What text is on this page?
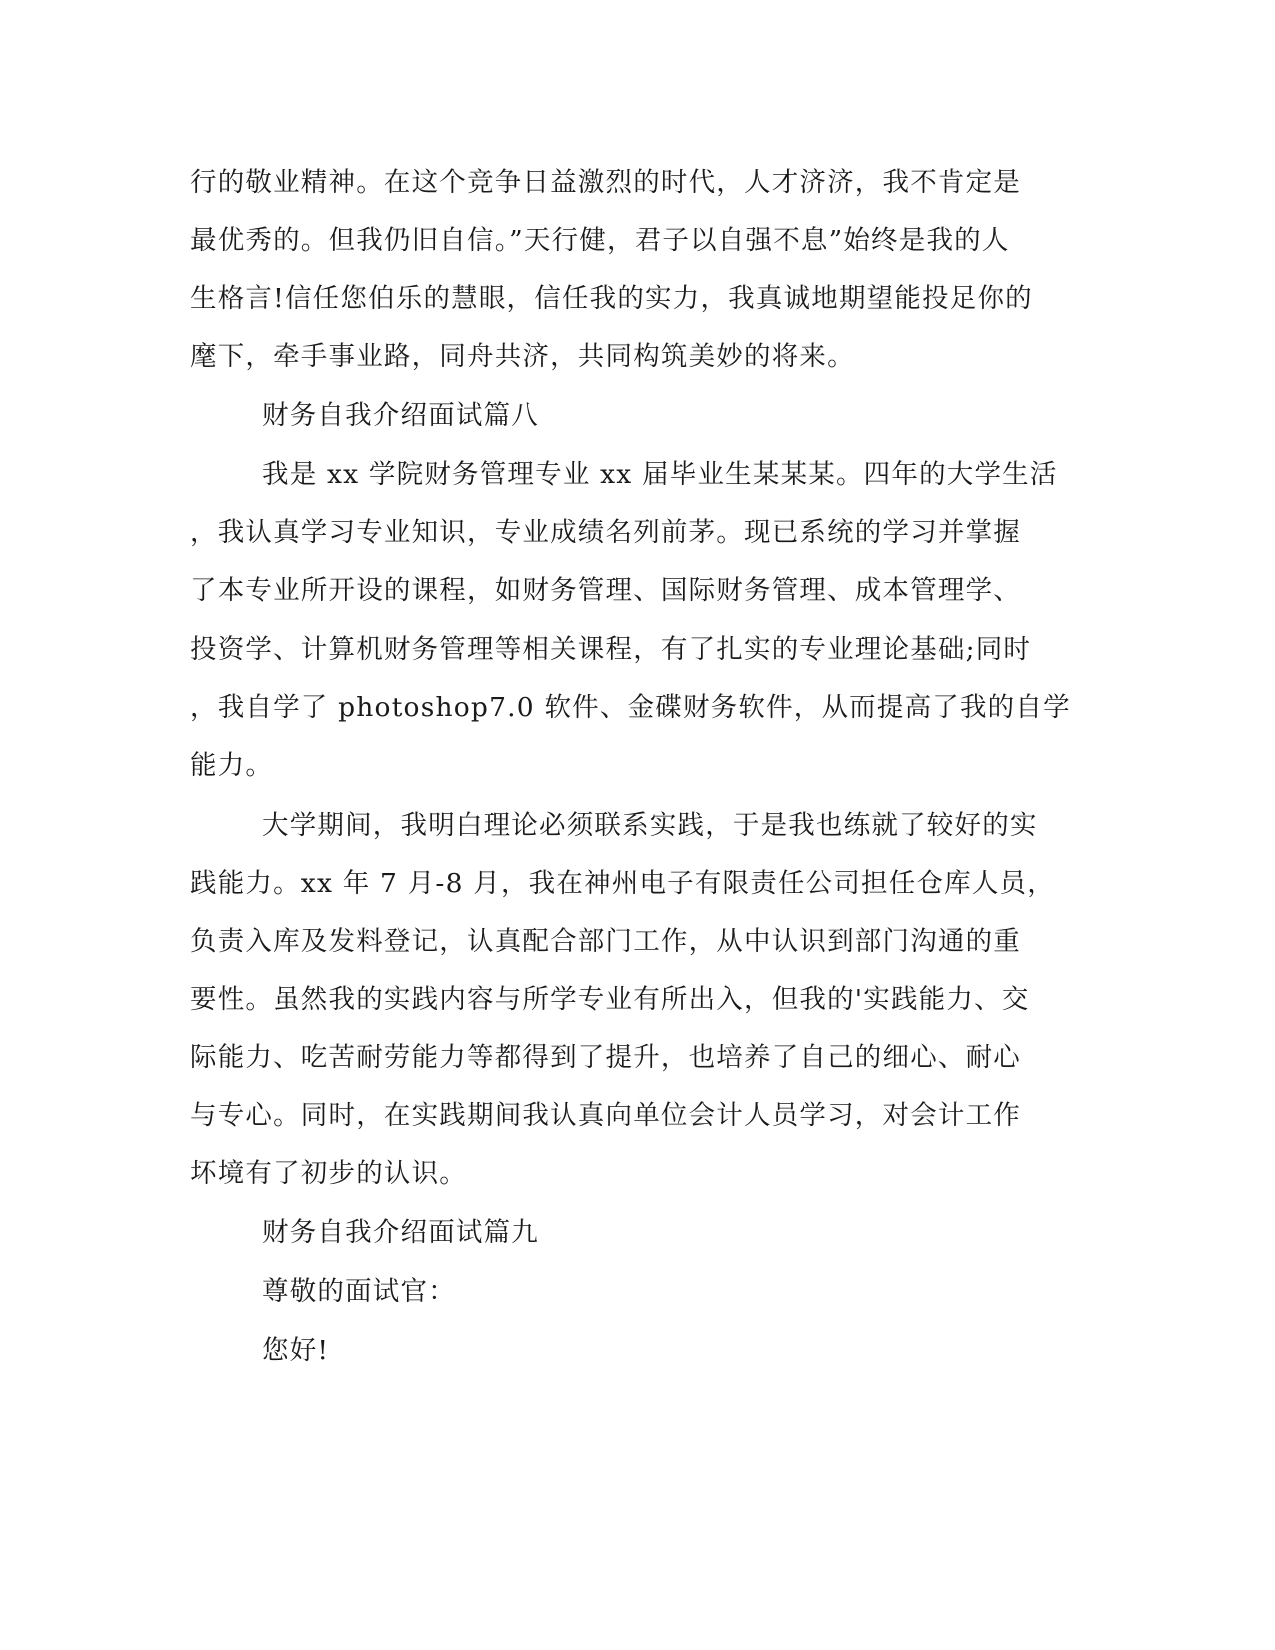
行的敬业精神。在这个竞争日益激烈的时代，人才济济，我不肯定是
最优秀的。但我仍旧自信。”天行健，君子以自强不息”始终是我的人
生格言!信任您伯乐的慧眼，信任我的实力，我真诚地期望能投足你的
麾下，牵手事业路，同舟共济，共同构筑美妙的将来。
财务自我介绍面试篇八
我是 xx 学院财务管理专业 xx 届毕业生某某某。四年的大学生活
，我认真学习专业知识，专业成绩名列前茅。现已系统的学习并掌握
了本专业所开设的课程，如财务管理、国际财务管理、成本管理学、
投资学、计算机财务管理等相关课程，有了扎实的专业理论基础;同时
，我自学了 photoshop7.0 软件、金碟财务软件，从而提高了我的自学
能力。
大学期间，我明白理论必须联系实践，于是我也练就了较好的实
践能力。xx 年 7 月-8 月，我在神州电子有限责任公司担任仓库人员，
负责入库及发料登记，认真配合部门工作，从中认识到部门沟通的重
要性。虽然我的实践内容与所学专业有所出入，但我的'实践能力、交
际能力、吃苦耐劳能力等都得到了提升，也培养了自己的细心、耐心
与专心。同时，在实践期间我认真向单位会计人员学习，对会计工作
坏境有了初步的认识。
财务自我介绍面试篇九
尊敬的面试官：
您好!
